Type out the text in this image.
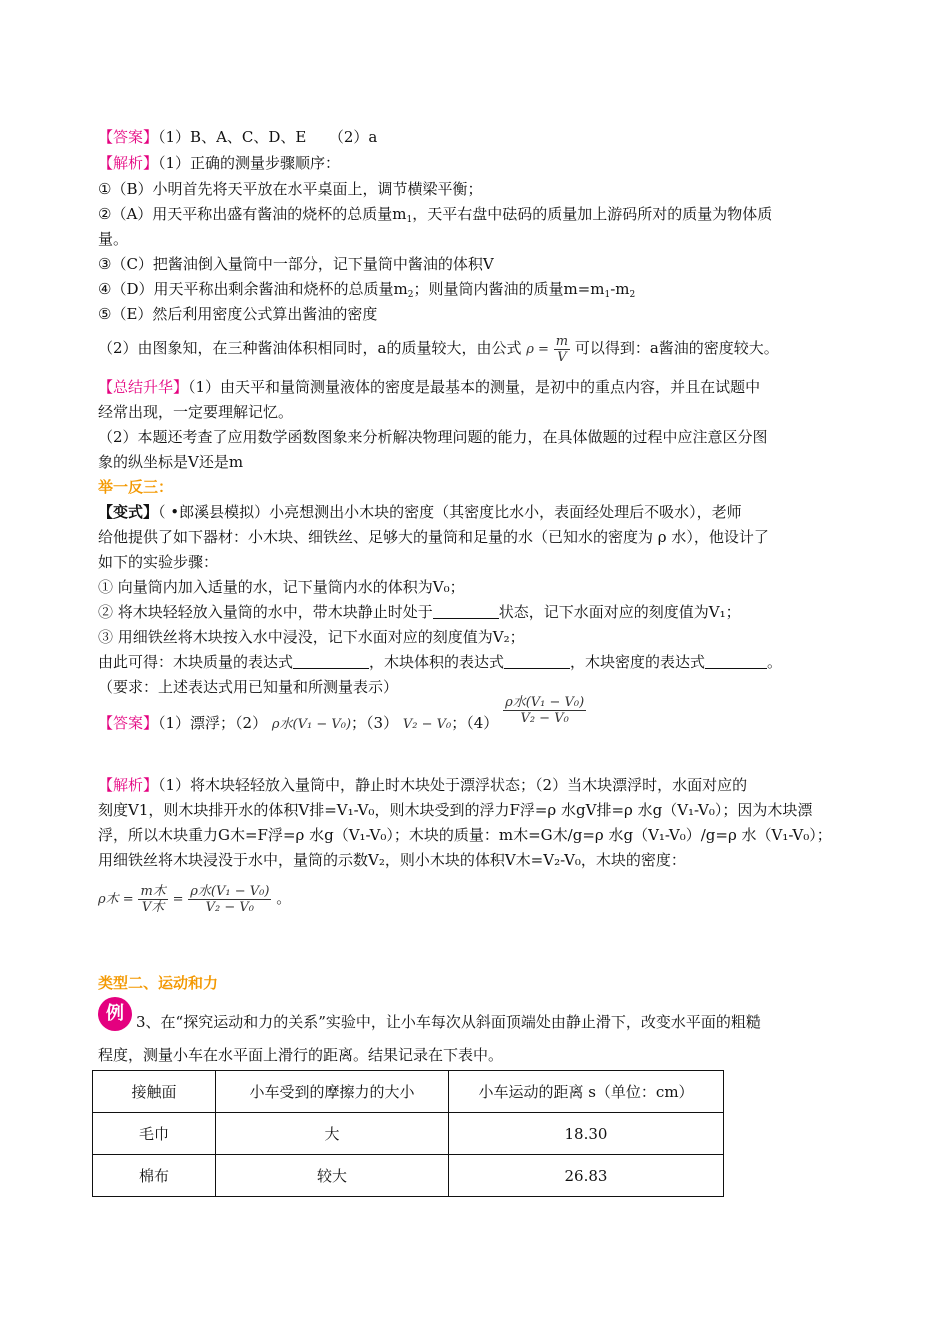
【答案】（1）B、A、C、D、E　　（2）a
【解析】（1）正确的测量步骤顺序：
①（B）小明首先将天平放在水平桌面上，调节横梁平衡；
②（A）用天平称出盛有酱油的烧杯的总质量$m_1$，天平右盘中砝码的质量加上游码所对的质量为物体质
量。
③（C）把酱油倒入量筒中一部分，记下量筒中酱油的体积V
④（D）用天平称出剩余酱油和烧杯的总质量$m_2$；则量筒内酱油的质量$m=m_1-m_2$
⑤（E）然后利用密度公式算出酱油的密度
（2）由图象知，在三种酱油体积相同时，a的质量较大，由公式 $\rho = \frac{m}{V}$ 可以得到：a酱油的密度较大。
【总结升华】（1）由天平和量筒测量液体的密度是最基本的测量，是初中的重点内容，并且在试题中
经常出现，一定要理解记忆。
（2）本题还考查了应用数学函数图象来分析解决物理问题的能力，在具体做题的过程中应注意区分图
象的纵坐标是V还是m
举一反三：
【变式】（ •郎溪县模拟）小亮想测出小木块的密度（其密度比水小，表面经处理后不吸水），老师
给他提供了如下器材：小木块、细铁丝、足够大的量筒和足量的水（已知水的密度为 ρ 水），他设计了
如下的实验步骤：
① 向量筒内加入适量的水，记下量筒内水的体积为V₀；
② 将木块轻轻放入量筒的水中，带木块静止时处于	状态，记下水面对应的刻度值为V₁；
③ 用细铁丝将木块按入水中浸没，记下水面对应的刻度值为V₂；
由此可得：木块质量的表达式	，木块体积的表达式	，木块密度的表达式	。
（要求：上述表达式用已知量和所测量表示）
【答案】（1）漂浮；（2） ρ水(V₁ − V₀)；（3） V₂ − V₀；$(4) \frac{\text{ρ水(V₁ − V₀)}}{\text{V₂ − V₀}}$
【解析】（1）将木块轻轻放入量筒中，静止时木块处于漂浮状态；（2）当木块漂浮时，水面对应的
刻度V1，则木块排开水的体积V排=V₁-V₀，则木块受到的浮力F浮=ρ 水gV排=ρ 水g（V₁-V₀）；因为木块漂
浮，所以木块重力G木=F浮=ρ 水g（V₁-V₀）；木块的质量：m木=G木/g=ρ 水g（V₁-V₀）/g=ρ 水（V₁-V₀）；
用细铁丝将木块浸没于水中，量筒的示数V₂，则小木块的体积V木=V₂-V₀，木块的密度：
ρ木 = $\frac{\text{m木}}{\text{V木}} = \frac{\text{ρ水(V₁ − V₀)}}{\text{V₂ − V₀}}$ 。
类型二、运动和力
例 3、在“探究运动和力的关系”实验中，让小车每次从斜面顶端处由静止滑下，改变水平面的粗糙
程度，测量小车在水平面上滑行的距离。结果记录在下表中。
接触面	小车受到的摩擦力的大小	小车运动的距离 s（单位：cm）
毛巾	大	18.30
棉布	较大	26.83
